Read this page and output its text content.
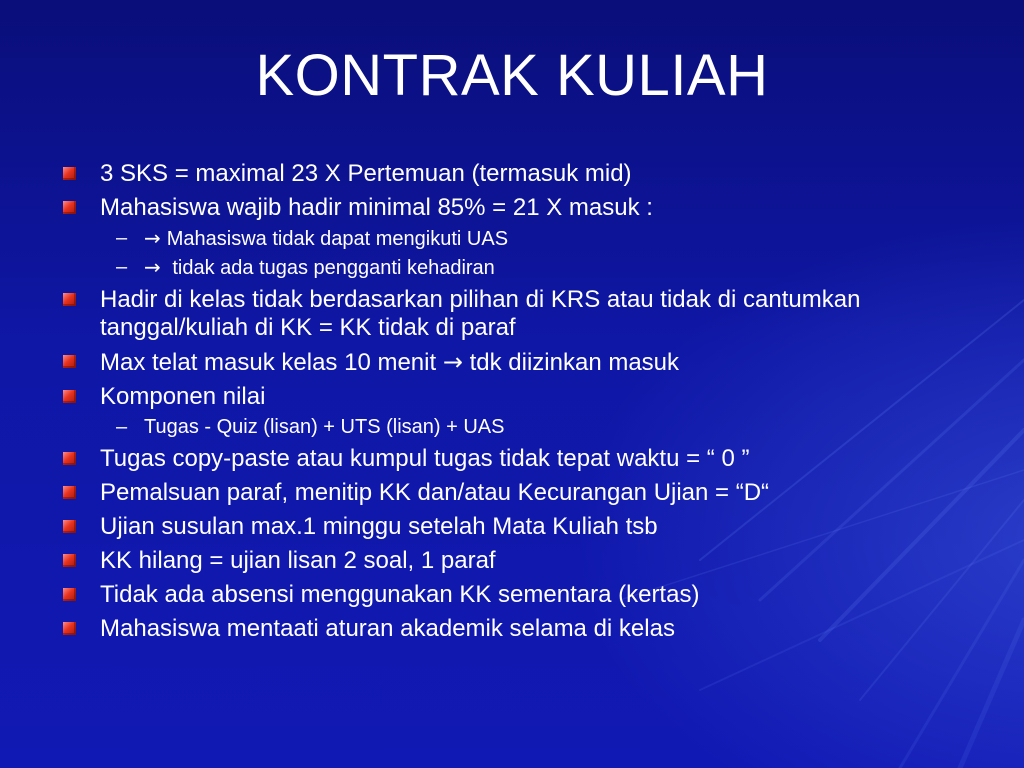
KONTRAK KULIAH
3 SKS = maximal 23 X Pertemuan (termasuk mid)
Mahasiswa wajib hadir minimal 85% = 21 X masuk :
– → Mahasiswa tidak dapat mengikuti UAS
– → tidak ada tugas pengganti kehadiran
Hadir di kelas tidak berdasarkan pilihan di KRS atau tidak di cantumkan tanggal/kuliah di KK = KK tidak di paraf
Max telat masuk kelas 10 menit → tdk diizinkan masuk
Komponen nilai
– Tugas - Quiz (lisan) + UTS (lisan) + UAS
Tugas copy-paste atau kumpul tugas tidak tepat waktu = “ 0 ”
Pemalsuan paraf, menitip KK dan/atau Kecurangan Ujian = “D“
Ujian susulan max.1 minggu setelah Mata Kuliah tsb
KK hilang = ujian lisan 2 soal, 1 paraf
Tidak ada absensi menggunakan KK sementara (kertas)
Mahasiswa mentaati aturan akademik selama di kelas
